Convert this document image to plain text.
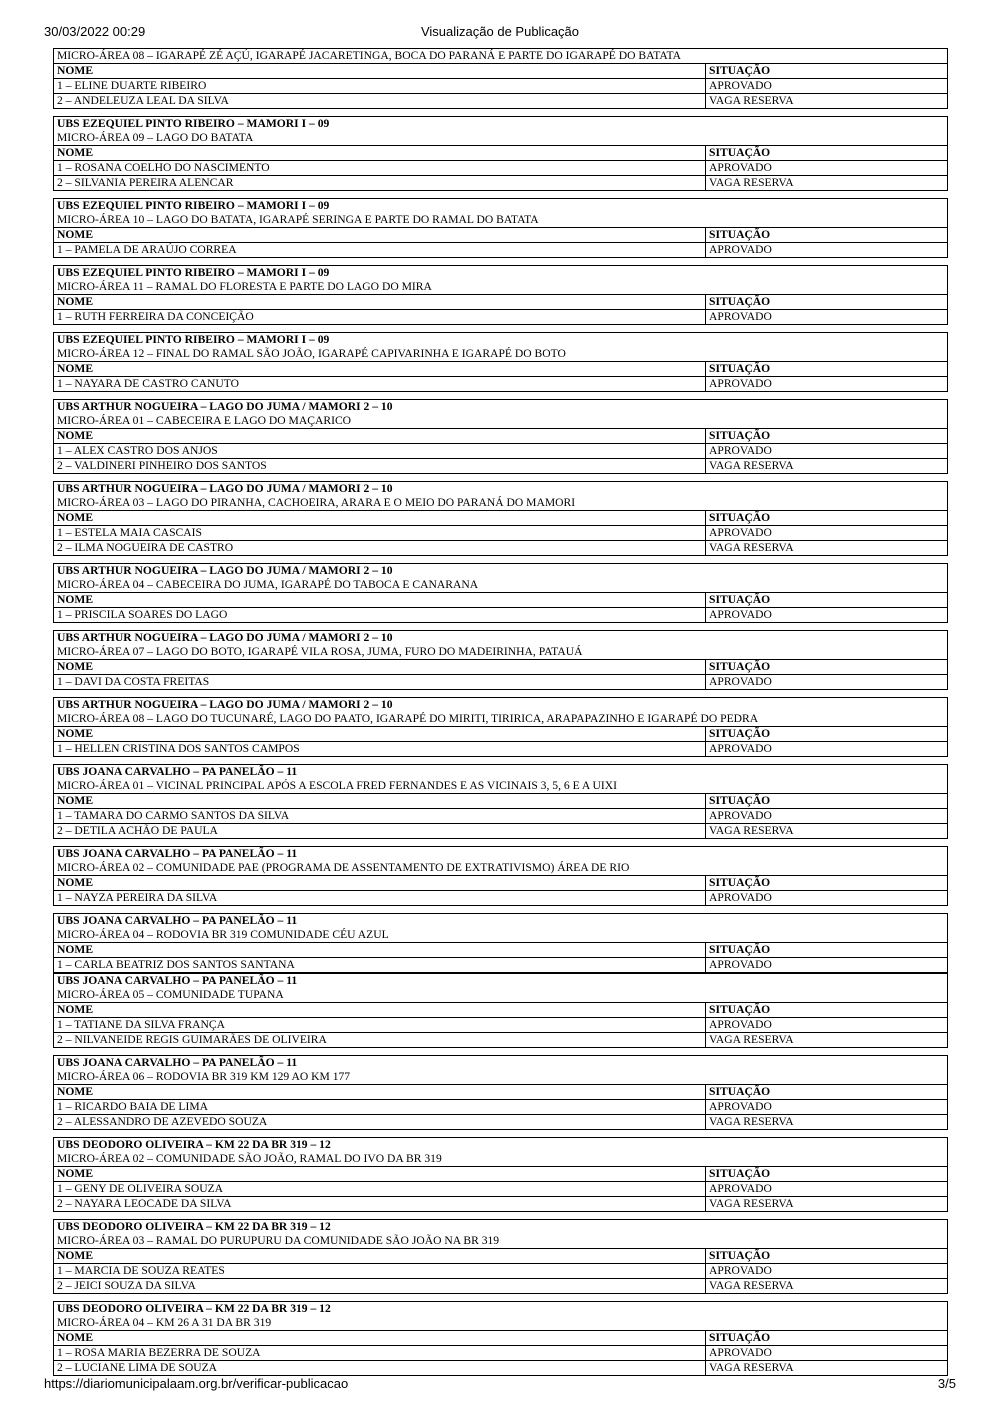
30/03/2022 00:29	Visualização de Publicação
MICRO-ÁREA 08 – IGARAPÉ ZÉ AÇÚ, IGARAPÉ JACARETINGA, BOCA DO PARANÁ E PARTE DO IGARAPÉ DO BATATA
NOME	SITUAÇÃO
1 – ELINE DUARTE RIBEIRO	APROVADO
2 – ANDELEUZA LEAL DA SILVA	VAGA RESERVA
UBS EZEQUIEL PINTO RIBEIRO – MAMORI I – 09
MICRO-ÁREA 09 – LAGO DO BATATA
NOME	SITUAÇÃO
1 – ROSANA COELHO DO NASCIMENTO	APROVADO
2 – SILVANIA PEREIRA ALENCAR	VAGA RESERVA
UBS EZEQUIEL PINTO RIBEIRO – MAMORI I – 09
MICRO-ÁREA 10 – LAGO DO BATATA, IGARAPÉ SERINGA E PARTE DO RAMAL DO BATATA
NOME	SITUAÇÃO
1 – PAMELA DE ARAÚJO CORREA	APROVADO
UBS EZEQUIEL PINTO RIBEIRO – MAMORI I – 09
MICRO-ÁREA 11 – RAMAL DO FLORESTA E PARTE DO LAGO DO MIRA
NOME	SITUAÇÃO
1 – RUTH FERREIRA DA CONCEIÇÃO	APROVADO
UBS EZEQUIEL PINTO RIBEIRO – MAMORI I – 09
MICRO-ÁREA 12 – FINAL DO RAMAL SÃO JOÃO, IGARAPÉ CAPIVARINHA E IGARAPÉ DO BOTO
NOME	SITUAÇÃO
1 – NAYARA DE CASTRO CANUTO	APROVADO
UBS ARTHUR NOGUEIRA – LAGO DO JUMA / MAMORI 2 – 10
MICRO-ÁREA 01 – CABECEIRA E LAGO DO MAÇARICO
NOME	SITUAÇÃO
1 – ALEX CASTRO DOS ANJOS	APROVADO
2 – VALDINERI PINHEIRO DOS SANTOS	VAGA RESERVA
UBS ARTHUR NOGUEIRA – LAGO DO JUMA / MAMORI 2 – 10
MICRO-ÁREA 03 – LAGO DO PIRANHA, CACHOEIRA, ARARA E O MEIO DO PARANÁ DO MAMORI
NOME	SITUAÇÃO
1 – ESTELA MAIA CASCAIS	APROVADO
2 – ILMA NOGUEIRA DE CASTRO	VAGA RESERVA
UBS ARTHUR NOGUEIRA – LAGO DO JUMA / MAMORI 2 – 10
MICRO-ÁREA 04 – CABECEIRA DO JUMA, IGARAPÉ DO TABOCA E CANARANA
NOME	SITUAÇÃO
1 – PRISCILA SOARES DO LAGO	APROVADO
UBS ARTHUR NOGUEIRA – LAGO DO JUMA / MAMORI 2 – 10
MICRO-ÁREA 07 – LAGO DO BOTO, IGARAPÉ VILA ROSA, JUMA, FURO DO MADEIRINHA, PATAUÁ
NOME	SITUAÇÃO
1 – DAVI DA COSTA FREITAS	APROVADO
UBS ARTHUR NOGUEIRA – LAGO DO JUMA / MAMORI 2 – 10
MICRO-ÁREA 08 – LAGO DO TUCUNARÉ, LAGO DO PAATO, IGARAPÉ DO MIRITI, TIRIRICA, ARAPAPAZINHO E IGARAPÉ DO PEDRA
NOME	SITUAÇÃO
1 – HELLEN CRISTINA DOS SANTOS CAMPOS	APROVADO
UBS JOANA CARVALHO – PA PANELÃO – 11
MICRO-ÁREA 01 – VICINAL PRINCIPAL APÓS A ESCOLA FRED FERNANDES E AS VICINAIS 3, 5, 6 E A UIXI
NOME	SITUAÇÃO
1 – TAMARA DO CARMO SANTOS DA SILVA	APROVADO
2 – DETILA ACHÃO DE PAULA	VAGA RESERVA
UBS JOANA CARVALHO – PA PANELÃO – 11
MICRO-ÁREA 02 – COMUNIDADE PAE (PROGRAMA DE ASSENTAMENTO DE EXTRATIVISMO) ÁREA DE RIO
NOME	SITUAÇÃO
1 – NAYZA PEREIRA DA SILVA	APROVADO
UBS JOANA CARVALHO – PA PANELÃO – 11
MICRO-ÁREA 04 – RODOVIA BR 319 COMUNIDADE CÉU AZUL
NOME	SITUAÇÃO
1 – CARLA BEATRIZ DOS SANTOS SANTANA	APROVADO
UBS JOANA CARVALHO – PA PANELÃO – 11
MICRO-ÁREA 05 – COMUNIDADE TUPANA
NOME	SITUAÇÃO
1 – TATIANE DA SILVA FRANÇA	APROVADO
2 – NILVANEIDE REGIS GUIMARÃES DE OLIVEIRA	VAGA RESERVA
UBS JOANA CARVALHO – PA PANELÃO – 11
MICRO-ÁREA 06 – RODOVIA BR 319 KM 129 AO KM 177
NOME	SITUAÇÃO
1 – RICARDO BAIA DE LIMA	APROVADO
2 – ALESSANDRO DE AZEVEDO SOUZA	VAGA RESERVA
UBS DEODORO OLIVEIRA – KM 22 DA BR 319 – 12
MICRO-ÁREA 02 – COMUNIDADE SÃO JOÃO, RAMAL DO IVO DA BR 319
NOME	SITUAÇÃO
1 – GENY DE OLIVEIRA SOUZA	APROVADO
2 – NAYARA LEOCADE DA SILVA	VAGA RESERVA
UBS DEODORO OLIVEIRA – KM 22 DA BR 319 – 12
MICRO-ÁREA 03 – RAMAL DO PURUPURU DA COMUNIDADE SÃO JOÃO NA BR 319
NOME	SITUAÇÃO
1 – MARCIA DE SOUZA REATES	APROVADO
2 – JEICI SOUZA DA SILVA	VAGA RESERVA
UBS DEODORO OLIVEIRA – KM 22 DA BR 319 – 12
MICRO-ÁREA 04 – KM 26 A 31 DA BR 319
NOME	SITUAÇÃO
1 – ROSA MARIA BEZERRA DE SOUZA	APROVADO
2 – LUCIANE LIMA DE SOUZA	VAGA RESERVA
https://diariomunicipalaam.org.br/verificar-publicacao	3/5
